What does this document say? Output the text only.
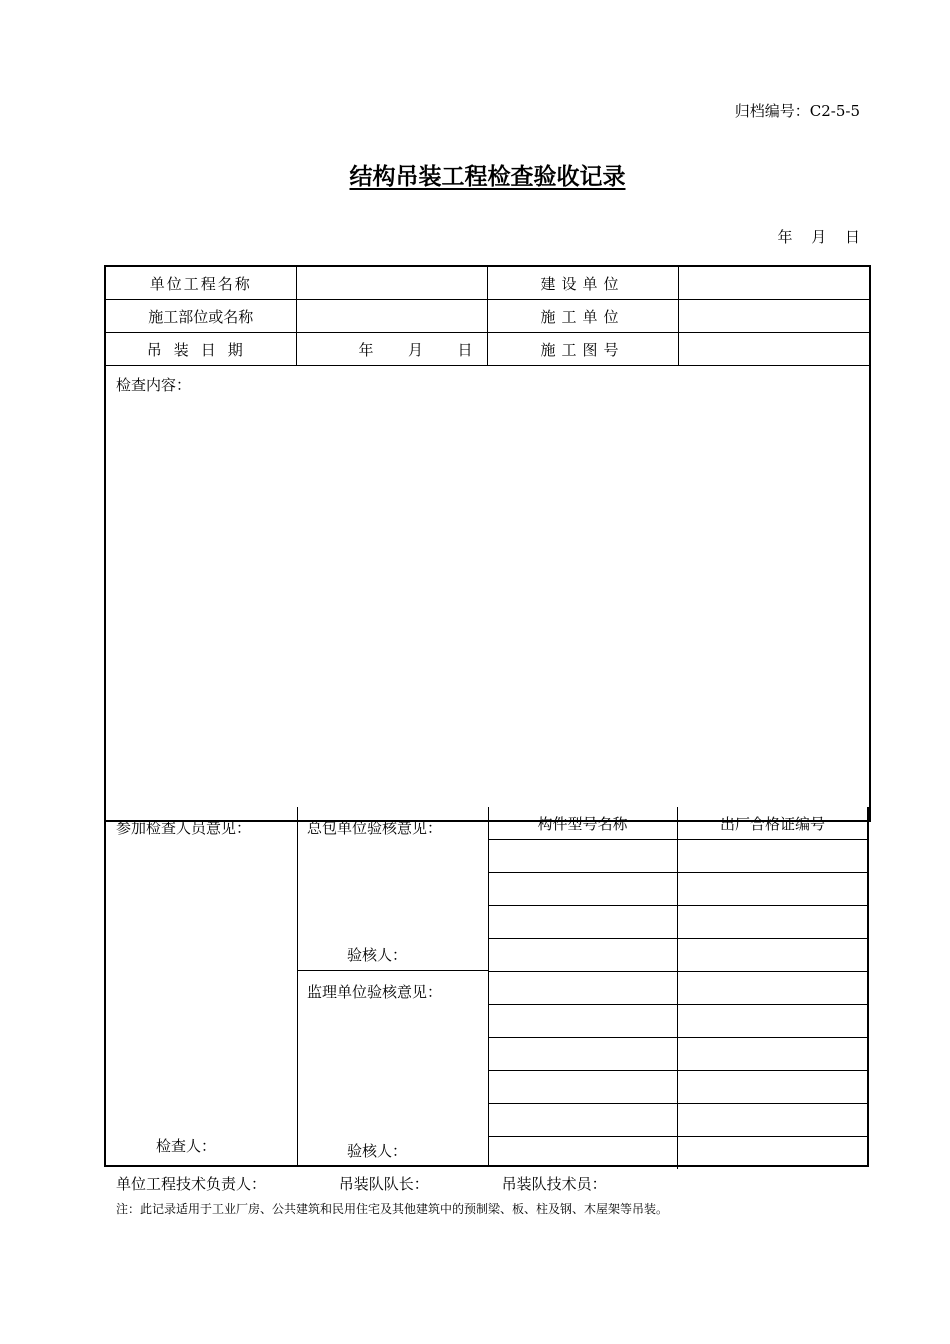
归档编号：C2-5-5
结构吊装工程检查验收记录
年 月 日
单位工程名称		建设单位	
施工部位或名称		施工单位	
吊装日期	年 月 日	施工图号	
检查内容：			
参加检查人员意见：
检查人：
总包单位验核意见：
验核人：
监理单位验核意见：
验核人：
构件型号名称	出厂合格证编号
单位工程技术负责人：	吊装队队长：	吊装队技术员：
注：此记录适用于工业厂房、公共建筑和民用住宅及其他建筑中的预制梁、板、柱及钢、木屋架等吊装。
